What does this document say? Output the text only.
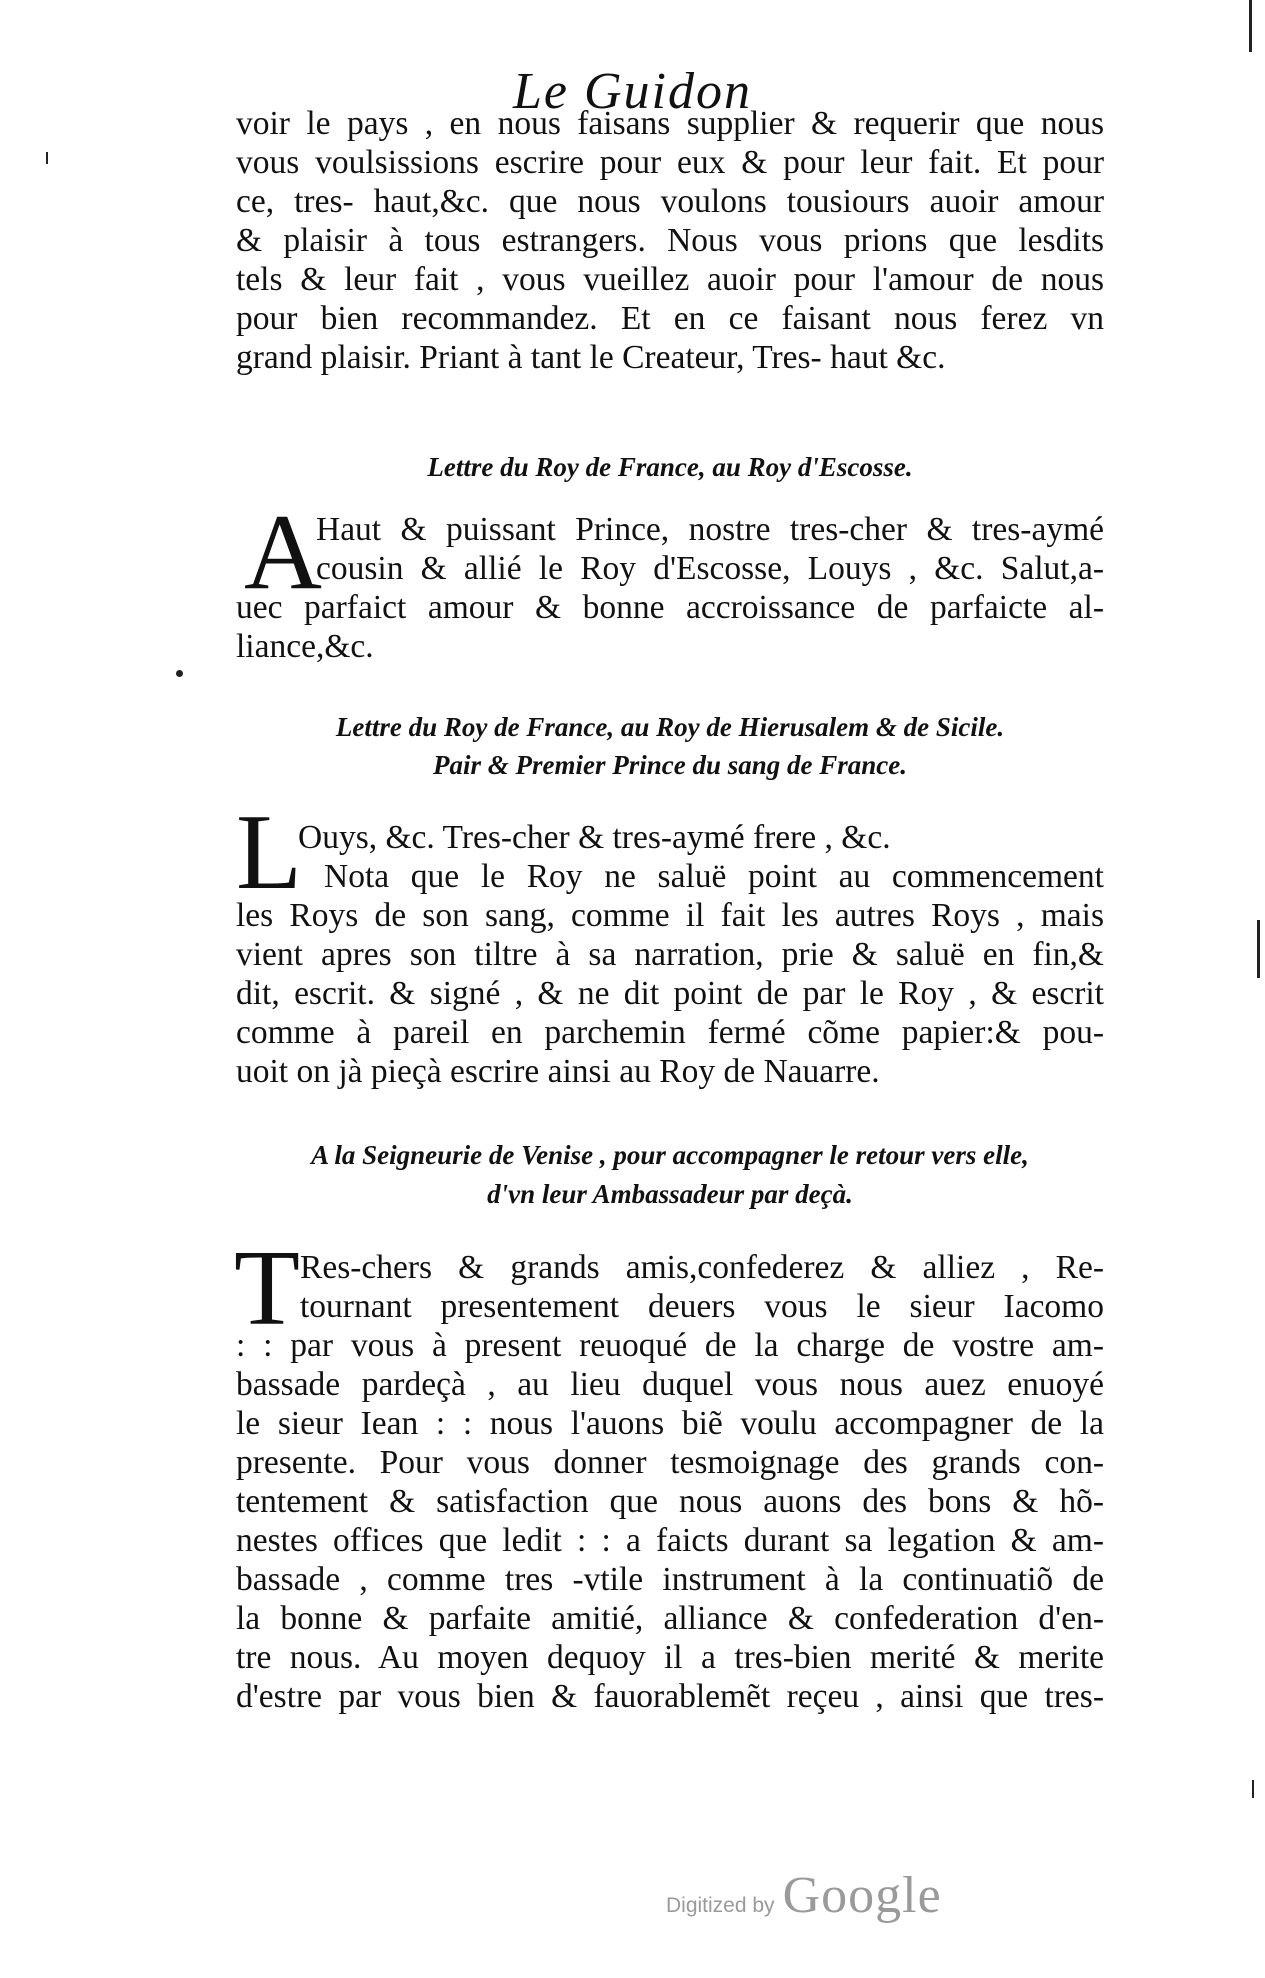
Le Guidon
voir le pays , en nous faisans supplier & requerir que nous
vous voulsissions escrire pour eux & pour leur fait. Et pour
ce, tres- haut,&c. que nous voulons tousiours auoir amour
& plaisir à tous estrangers. Nous vous prions que lesdits
tels & leur fait , vous vueillez auoir pour l'amour de nous
pour bien recommandez. Et en ce faisant nous ferez vn
grand plaisir. Priant à tant le Createur, Tres- haut &c.
Lettre du Roy de France, au Roy d'Escosse.
A
Haut & puissant Prince, nostre tres-cher & tres-aymé
cousin & allié le Roy d'Escosse, Louys , &c. Salut,a-
uec parfaict amour & bonne accroissance de parfaicte al-
liance,&c.
Lettre du Roy de France, au Roy de Hierusalem & de Sicile.
Pair & Premier Prince du sang de France.
L
Ouys, &c. Tres-cher & tres-aymé frere , &c.
Nota que le Roy ne saluë point au commencement
les Roys de son sang, comme il fait les autres Roys , mais
vient apres son tiltre à sa narration, prie & saluë en fin,&
dit, escrit. & signé , & ne dit point de par le Roy , & escrit
comme à pareil en parchemin fermé cõme papier:& pou-
uoit on jà pieçà escrire ainsi au Roy de Nauarre.
A la Seigneurie de Venise , pour accompagner le retour vers elle,
d'vn leur Ambassadeur par deçà.
T Res-chers & grands amis,confederez & alliez , Re-
tournant presentement deuers vous le sieur Iacomo
: : par vous à present reuoqué de la charge de vostre am-
bassade pardeçà , au lieu duquel vous nous auez enuoyé
le sieur Iean : : nous l'auons biẽ voulu accompagner de la
presente. Pour vous donner tesmoignage des grands con-
tentement & satisfaction que nous auons des bons & hõ-
nestes offices que ledit : : a faicts durant sa legation & am-
bassade , comme tres -vtile instrument à la continuatiõ de
la bonne & parfaite amitié, alliance & confederation d'en-
tre nous. Au moyen dequoy il a tres-bien merité & merite
d'estre par vous bien & fauorablemẽt reçeu , ainsi que tres-
Digitized by Google
